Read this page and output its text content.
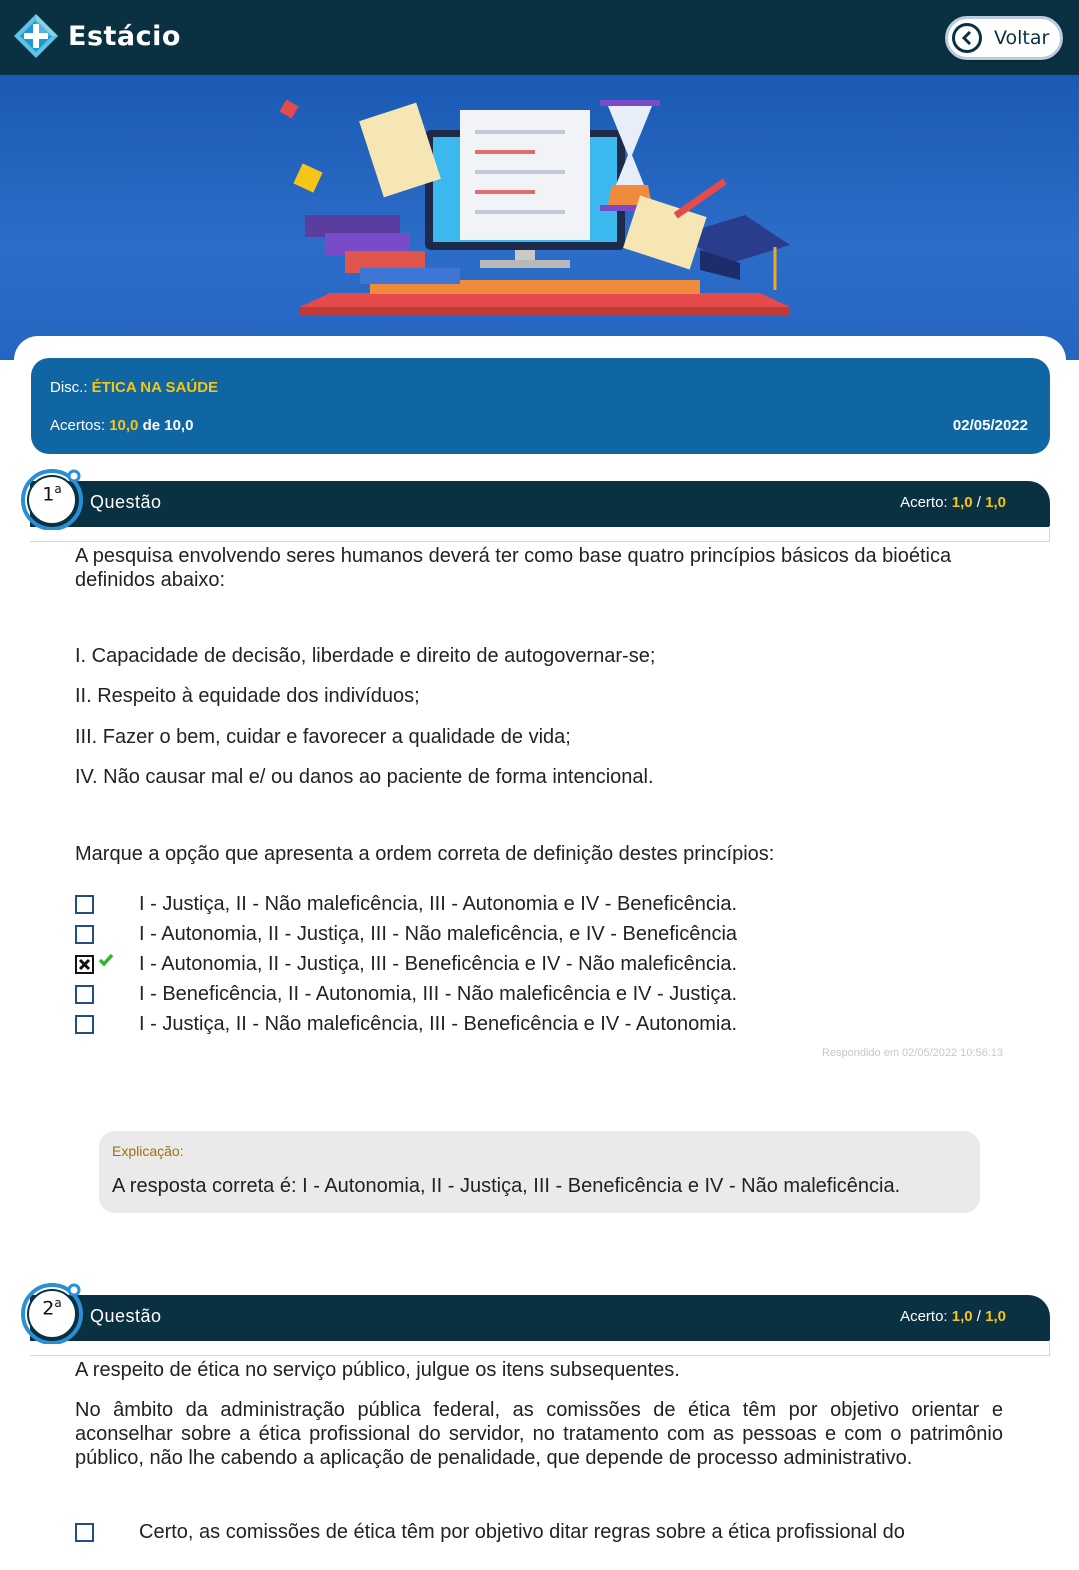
Estácio	Voltar
Disc.: ÉTICA NA SAÚDE
Acertos: 10,0 de 10,0	02/05/2022
Questão	Acerto: 1,0 / 1,0
1$^a$
A pesquisa envolvendo seres humanos deverá ter como base quatro princípios básicos da bioética definidos abaixo:
I. Capacidade de decisão, liberdade e direito de autogovernar-se;
II. Respeito à equidade dos indivíduos;
III. Fazer o bem, cuidar e favorecer a qualidade de vida;
IV. Não causar mal e/ ou danos ao paciente de forma intencional.
Marque a opção que apresenta a ordem correta de definição destes princípios:
I - Justiça, II - Não maleficência, III - Autonomia e IV - Beneficência.
I - Autonomia, II - Justiça, III - Não maleficência, e IV - Beneficência
I - Autonomia, II - Justiça, III - Beneficência e IV - Não maleficência.
I - Beneficência, II - Autonomia, III - Não maleficência e IV - Justiça.
I - Justiça, II - Não maleficência, III - Beneficência e IV - Autonomia.
Respondido em 02/05/2022 10:56:13
Explicação:
A resposta correta é: I - Autonomia, II - Justiça, III - Beneficência e IV - Não maleficência.
Questão	Acerto: 1,0 / 1,0
2$^a$
A respeito de ética no serviço público, julgue os itens subsequentes.
No âmbito da administração pública federal, as comissões de ética têm por objetivo orientar e aconselhar sobre a ética profissional do servidor, no tratamento com as pessoas e com o patrimônio público, não lhe cabendo a aplicação de penalidade, que depende de processo administrativo.
Certo, as comissões de ética têm por objetivo ditar regras sobre a ética profissional do
